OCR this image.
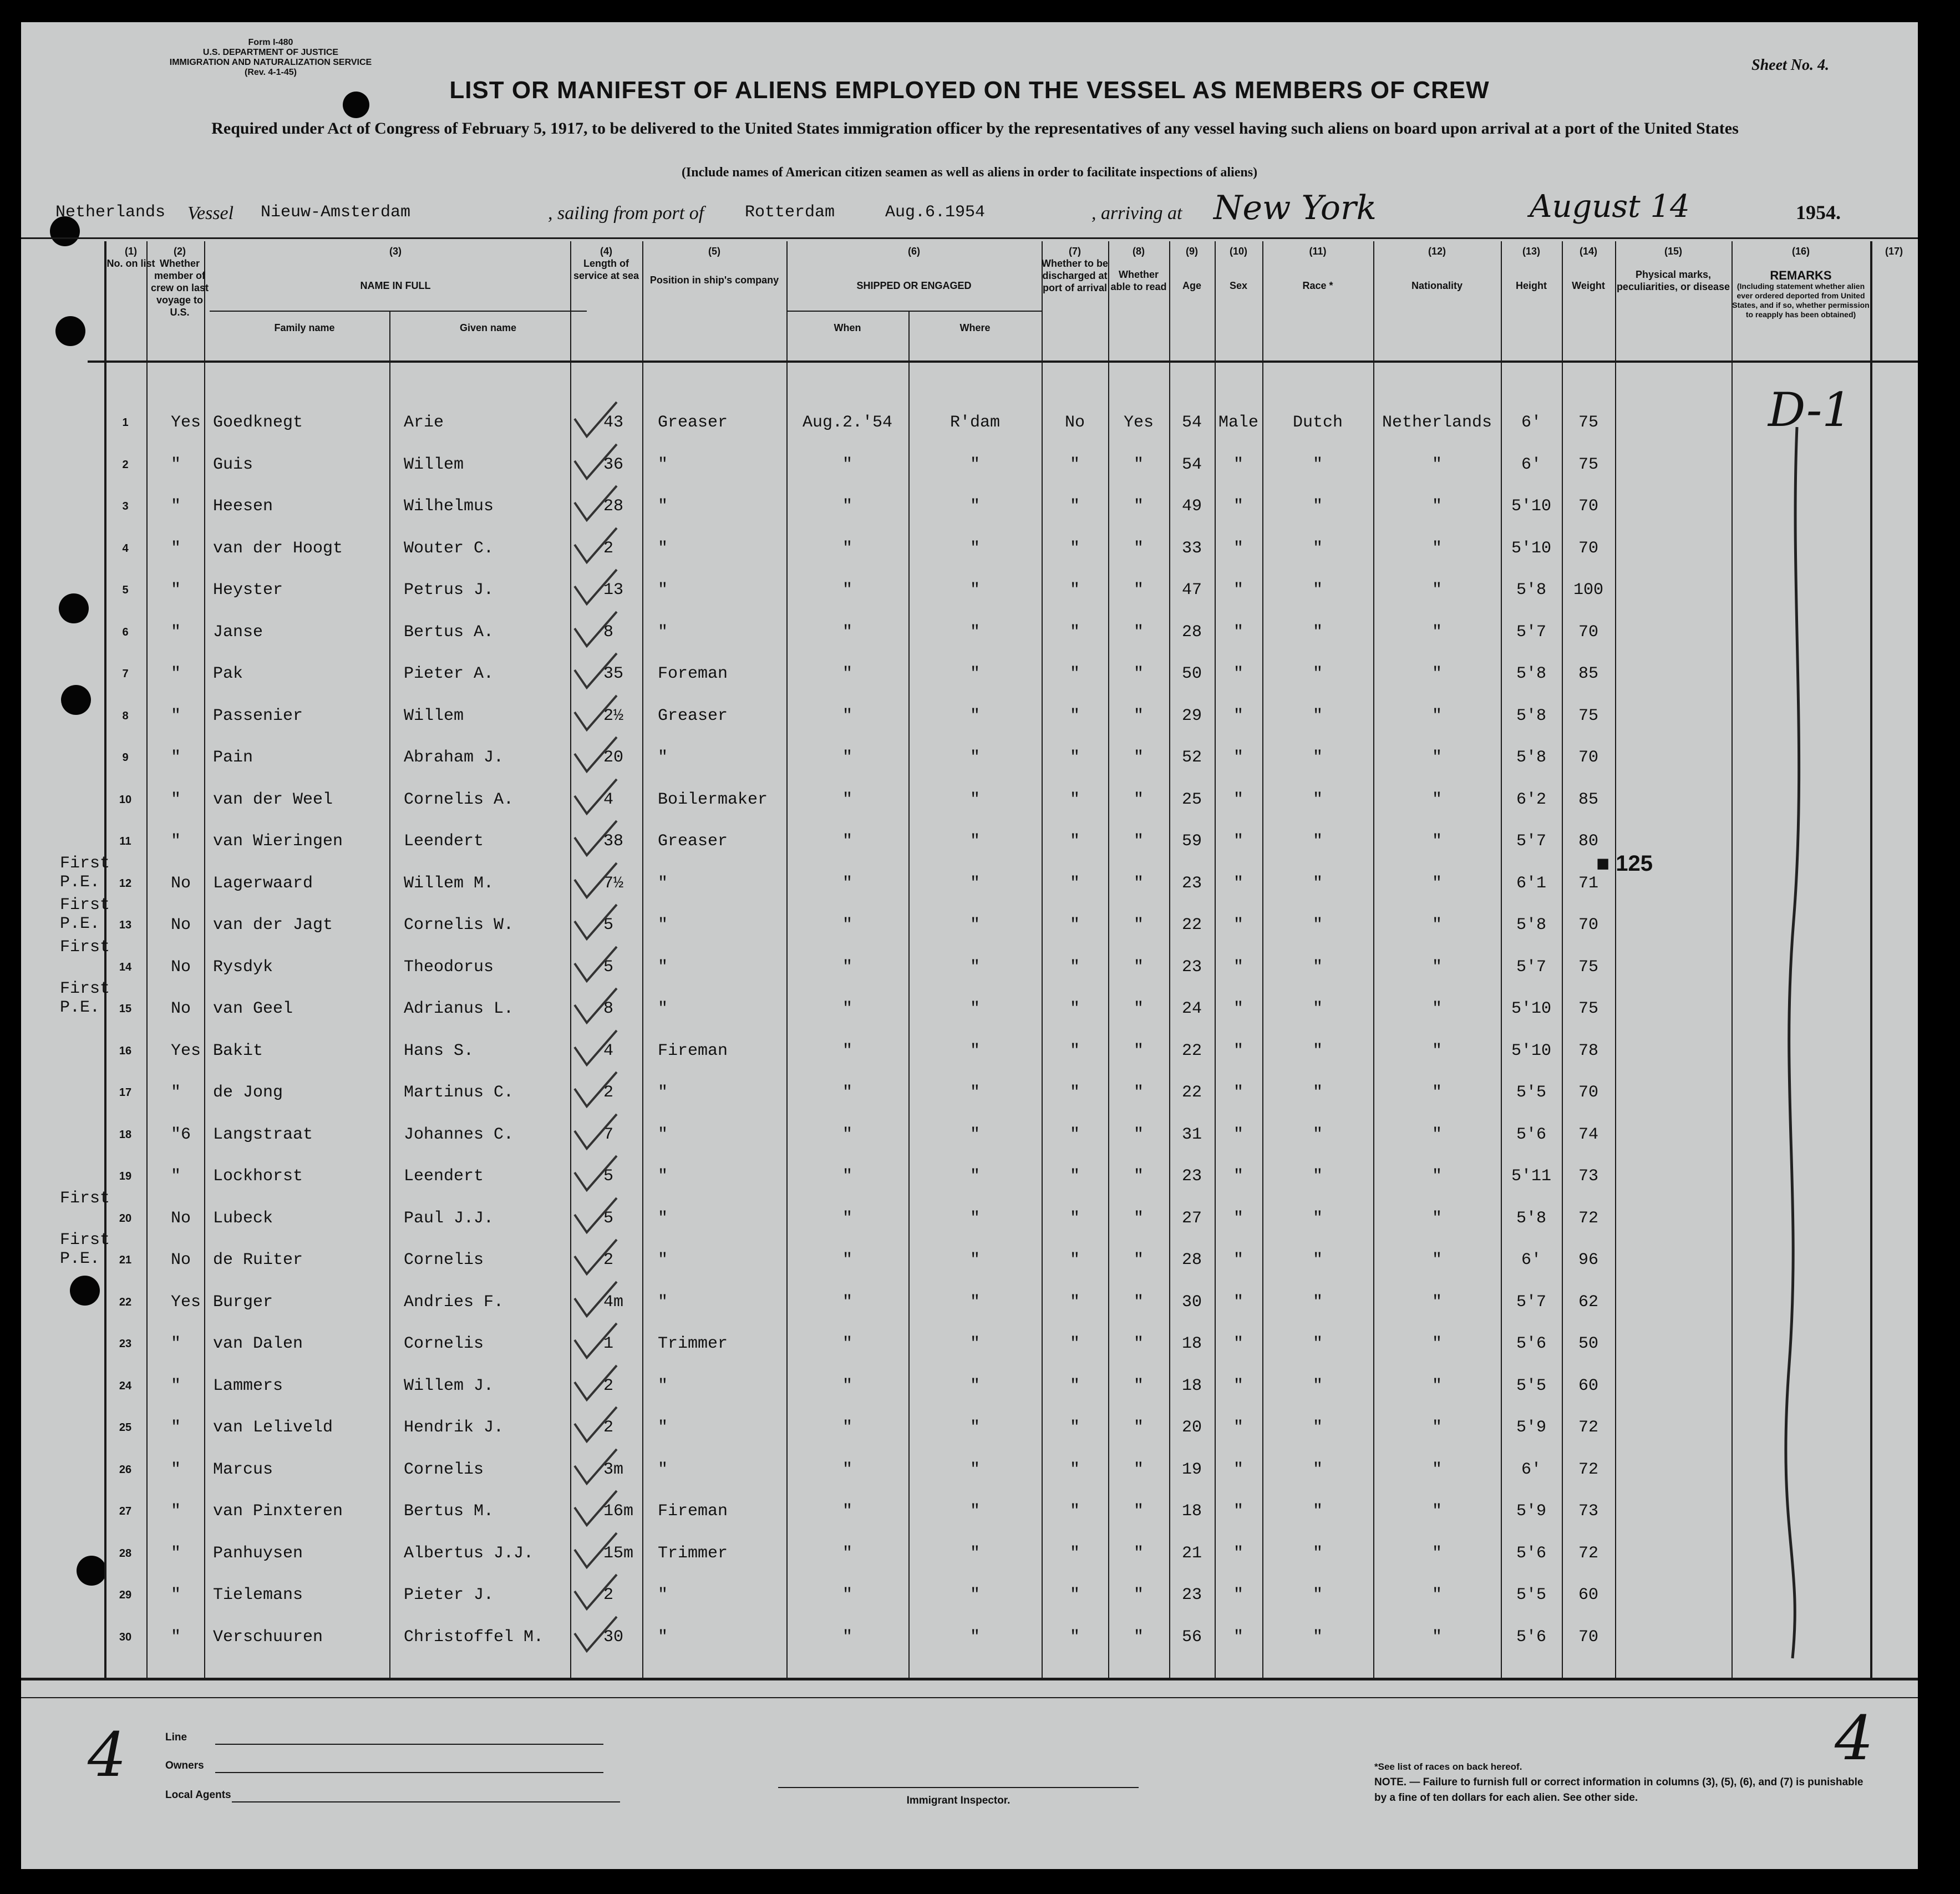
Form I-480
U.S. DEPARTMENT OF JUSTICE
IMMIGRATION AND NATURALIZATION SERVICE
(Rev. 4-1-45)	Sheet No. 4.
LIST OR MANIFEST OF ALIENS EMPLOYED ON THE VESSEL AS MEMBERS OF CREW
Required under Act of Congress of February 5, 1917, to be delivered to the United States immigration officer by the representatives of any vessel having such aliens on board upon arrival at a port of the United States
(Include names of American citizen seamen as well as aliens in order to facilitate inspections of aliens)
Netherlands Vessel Nieuw-Amsterdam	, sailing from port of Rotterdam	Aug.6.1954	, arriving at New York	August 14	1954.
(1)
No. on list
(2)
Whether member of crew on last voyage to U.S.
(3)
NAME IN FULL
Family name	Given name
(4)
Length of service at sea
(5)
Position in ship's company
(6)
SHIPPED OR ENGAGED
When	Where
(7)
Whether to be discharged at port of arrival
(8)
Whether able to read
(9)
Age
(10)
Sex
(11)
Race *
(12)
Nationality
(13)
Height
(14)
Weight
(15)
Physical marks, peculiarities, or disease
(16)
REMARKS
(Including statement whether alien ever ordered deported from United States, and if so, whether permission to reapply has been obtained)
(17)
1	Yes Goedknegt	Arie	43	Greaser	Aug.2.'54	R'dam	No	Yes	54 Male	Dutch	Netherlands	6'	75
2	"	Guis	Willem	36	"	"	"	"	"	54	"	"	"	6'	75
3	"	Heesen	Wilhelmus	28	"	"	"	"	"	49	"	"	"	5'10	70
4	"	van der Hoogt	Wouter C.	2	"	"	"	"	"	33	"	"	"	5'10	70
5	"	Heyster	Petrus J.	13	"	"	"	"	"	47	"	"	"	5'8	100
6	"	Janse	Bertus A.	8	"	"	"	"	"	28	"	"	"	5'7	70
7	"	Pak	Pieter A.	35	Foreman	"	"	"	"	50	"	"	"	5'8	85
8	"	Passenier	Willem	2½	Greaser	"	"	"	"	29	"	"	"	5'8	75
9	"	Pain	Abraham J.	20	"	"	"	"	"	52	"	"	"	5'8	70
10	"	van der Weel	Cornelis A.	4	Boilermaker	"	"	"	"	25	"	"	"	6'2	85
11	"	van Wieringen	Leendert	38	Greaser	"	"	"	"	59	"	"	"	5'7	80
12	No	Lagerwaard	Willem M.	7½	"	"	"	"	"	23	"	"	"	6'1	71
First P.E.
13	No	van der Jagt	Cornelis W.	5	"	"	"	"	"	22	"	"	"	5'8	70
First P.E.
14	No	Rysdyk	Theodorus	5	"	"	"	"	"	23	"	"	"	5'7	75
First
15	No	van Geel	Adrianus L.	8	"	"	"	"	"	24	"	"	"	5'10	75
First P.E.
16	Yes Bakit	Hans S.	4	Fireman	"	"	"	"	22	"	"	"	5'10	78
17	"	de Jong	Martinus C.	2	"	"	"	"	"	22	"	"	"	5'5	70
18	"6	Langstraat	Johannes C.	7	"	"	"	"	"	31	"	"	"	5'6	74
19	"	Lockhorst	Leendert	5	"	"	"	"	"	23	"	"	"	5'11	73
20	No	Lubeck	Paul J.J.	5	"	"	"	"	"	27	"	"	"	5'8	72
First
21	No	de Ruiter	Cornelis	2	"	"	"	"	"	28	"	"	"	6'	96
First P.E.
22	Yes Burger	Andries F.	4m	"	"	"	"	"	30	"	"	"	5'7	62
23	"	van Dalen	Cornelis	1	Trimmer	"	"	"	"	18	"	"	"	5'6	50
24	"	Lammers	Willem J.	2	"	"	"	"	"	18	"	"	"	5'5	60
25	"	van Leliveld	Hendrik J.	2	"	"	"	"	"	20	"	"	"	5'9	72
26	"	Marcus	Cornelis	3m	"	"	"	"	"	19	"	"	"	6'	72
27	"	van Pinxteren	Bertus M.	16m	Fireman	"	"	"	"	18	"	"	"	5'9	73
28	"	Panhuysen	Albertus J.J.	15m	Trimmer	"	"	"	"	21	"	"	"	5'6	72
29	"	Tielemans	Pieter J.	2	"	"	"	"	"	23	"	"	"	5'5	60
30	"	Verschuuren	Christoffel M.	30	"	"	"	"	"	56	"	"	"	5'6	70
■ 125
D-1
4	4
Line
Owners
Local Agents	Immigrant Inspector.
*See list of races on back hereof.
NOTE. — Failure to furnish full or correct information in columns (3), (5), (6), and (7) is punishable by a fine of ten dollars for each alien. See other side.
